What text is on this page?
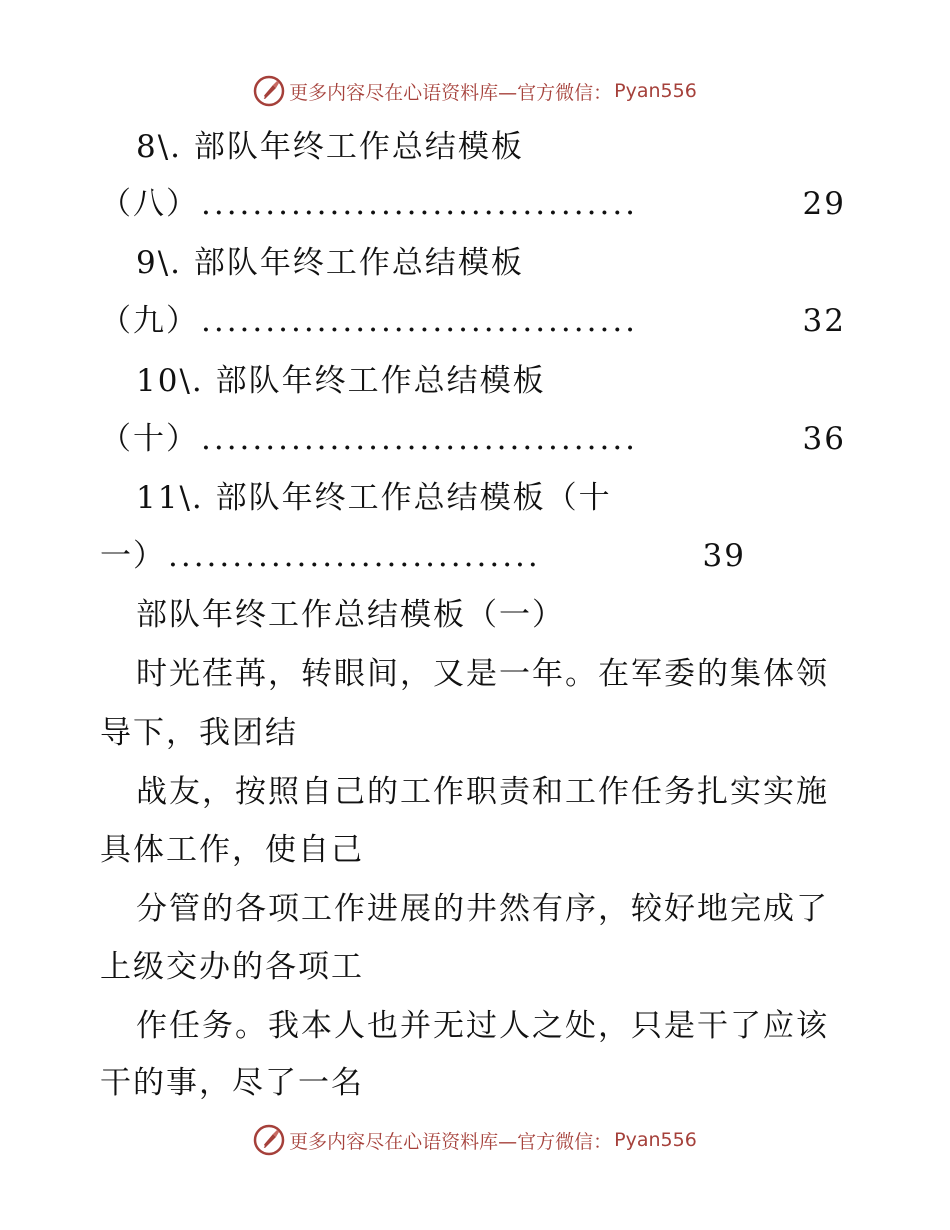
更多内容尽在心语资料库—官方微信： Pyan556
8\. 部队年终工作总结模板
（八） ..................................	29
9\. 部队年终工作总结模板
（九） ..................................	32
10\. 部队年终工作总结模板
（十） ..................................	36
11\. 部队年终工作总结模板（十
一） .............................	39
部队年终工作总结模板（一）
时光荏苒，转眼间，又是一年。在军委的集体领
导下，我团结
战友，按照自己的工作职责和工作任务扎实实施
具体工作，使自己
分管的各项工作进展的井然有序，较好地完成了
上级交办的各项工
作任务。我本人也并无过人之处，只是干了应该
干的事，尽了一名
更多内容尽在心语资料库—官方微信： Pyan556
